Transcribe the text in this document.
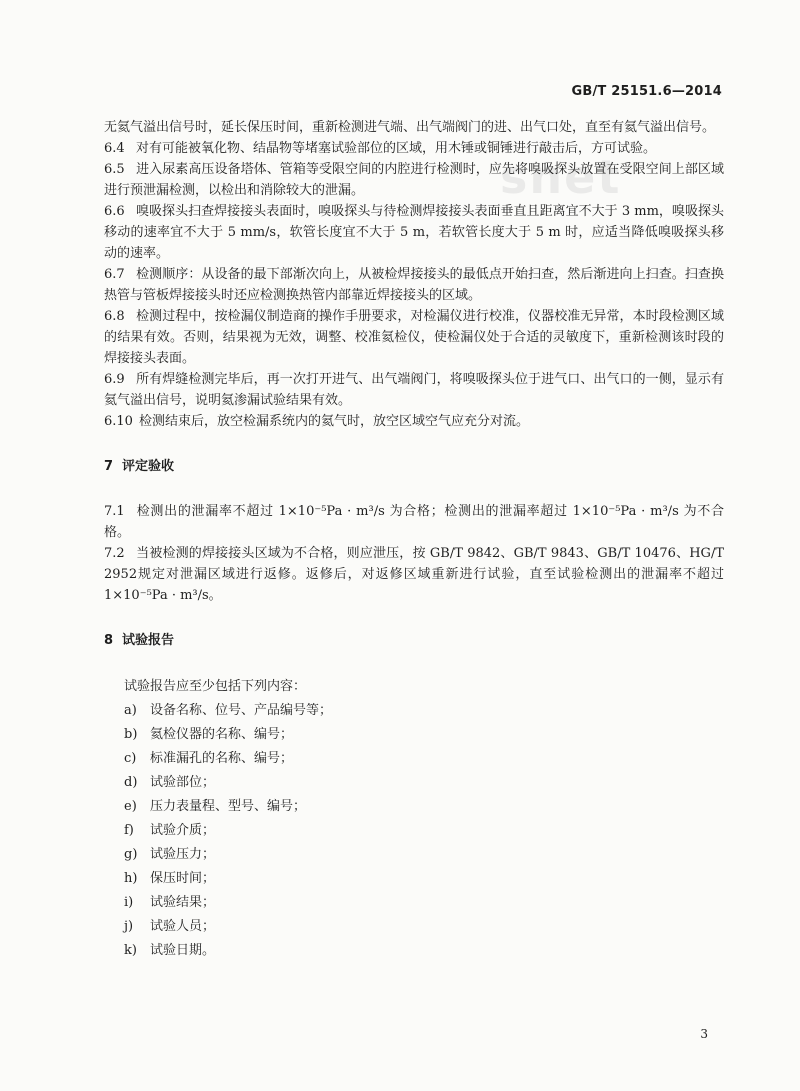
GB/T 25151.6—2014
snet

无氦气溢出信号时，延长保压时间，重新检测进气端、出气端阀门的进、出气口处，直至有氦气溢出信号。

6.4 对有可能被氧化物、结晶物等堵塞试验部位的区域，用木锤或铜锤进行敲击后，方可试验。

6.5 进入尿素高压设备塔体、管箱等受限空间的内腔进行检测时，应先将嗅吸探头放置在受限空间上部区域进行预泄漏检测，以检出和消除较大的泄漏。

6.6 嗅吸探头扫查焊接接头表面时，嗅吸探头与待检测焊接接头表面垂直且距离宜不大于 3 mm，嗅吸探头移动的速率宜不大于 5 mm/s，软管长度宜不大于 5 m，若软管长度大于 5 m 时，应适当降低嗅吸探头移动的速率。

6.7 检测顺序：从设备的最下部渐次向上，从被检焊接接头的最低点开始扫查，然后渐进向上扫查。扫查换热管与管板焊接接头时还应检测换热管内部靠近焊接接头的区域。

6.8 检测过程中，按检漏仪制造商的操作手册要求，对检漏仪进行校准，仪器校准无异常，本时段检测区域的结果有效。否则，结果视为无效，调整、校准氦检仪，使检漏仪处于合适的灵敏度下，重新检测该时段的焊接接头表面。

6.9 所有焊缝检测完毕后，再一次打开进气、出气端阀门，将嗅吸探头位于进气口、出气口的一侧，显示有氦气溢出信号，说明氦渗漏试验结果有效。

6.10 检测结束后，放空检漏系统内的氦气时，放空区域空气应充分对流。

7 评定验收

7.1 检测出的泄漏率不超过 1×10⁻⁵Pa · m³/s 为合格；检测出的泄漏率超过 1×10⁻⁵Pa · m³/s 为不合格。

7.2 当被检测的焊接接头区域为不合格，则应泄压，按 GB/T 9842、GB/T 9843、GB/T 10476、HG/T 2952规定对泄漏区域进行返修。返修后，对返修区域重新进行试验，直至试验检测出的泄漏率不超过 1×10⁻⁵Pa · m³/s。

8 试验报告
试验报告应至少包括下列内容：
a) 设备名称、位号、产品编号等；
b) 氦检仪器的名称、编号；
c) 标准漏孔的名称、编号；
d) 试验部位；
e) 压力表量程、型号、编号；
f) 试验介质；
g) 试验压力；
h) 保压时间；
i) 试验结果；
j) 试验人员；
k) 试验日期。
3
